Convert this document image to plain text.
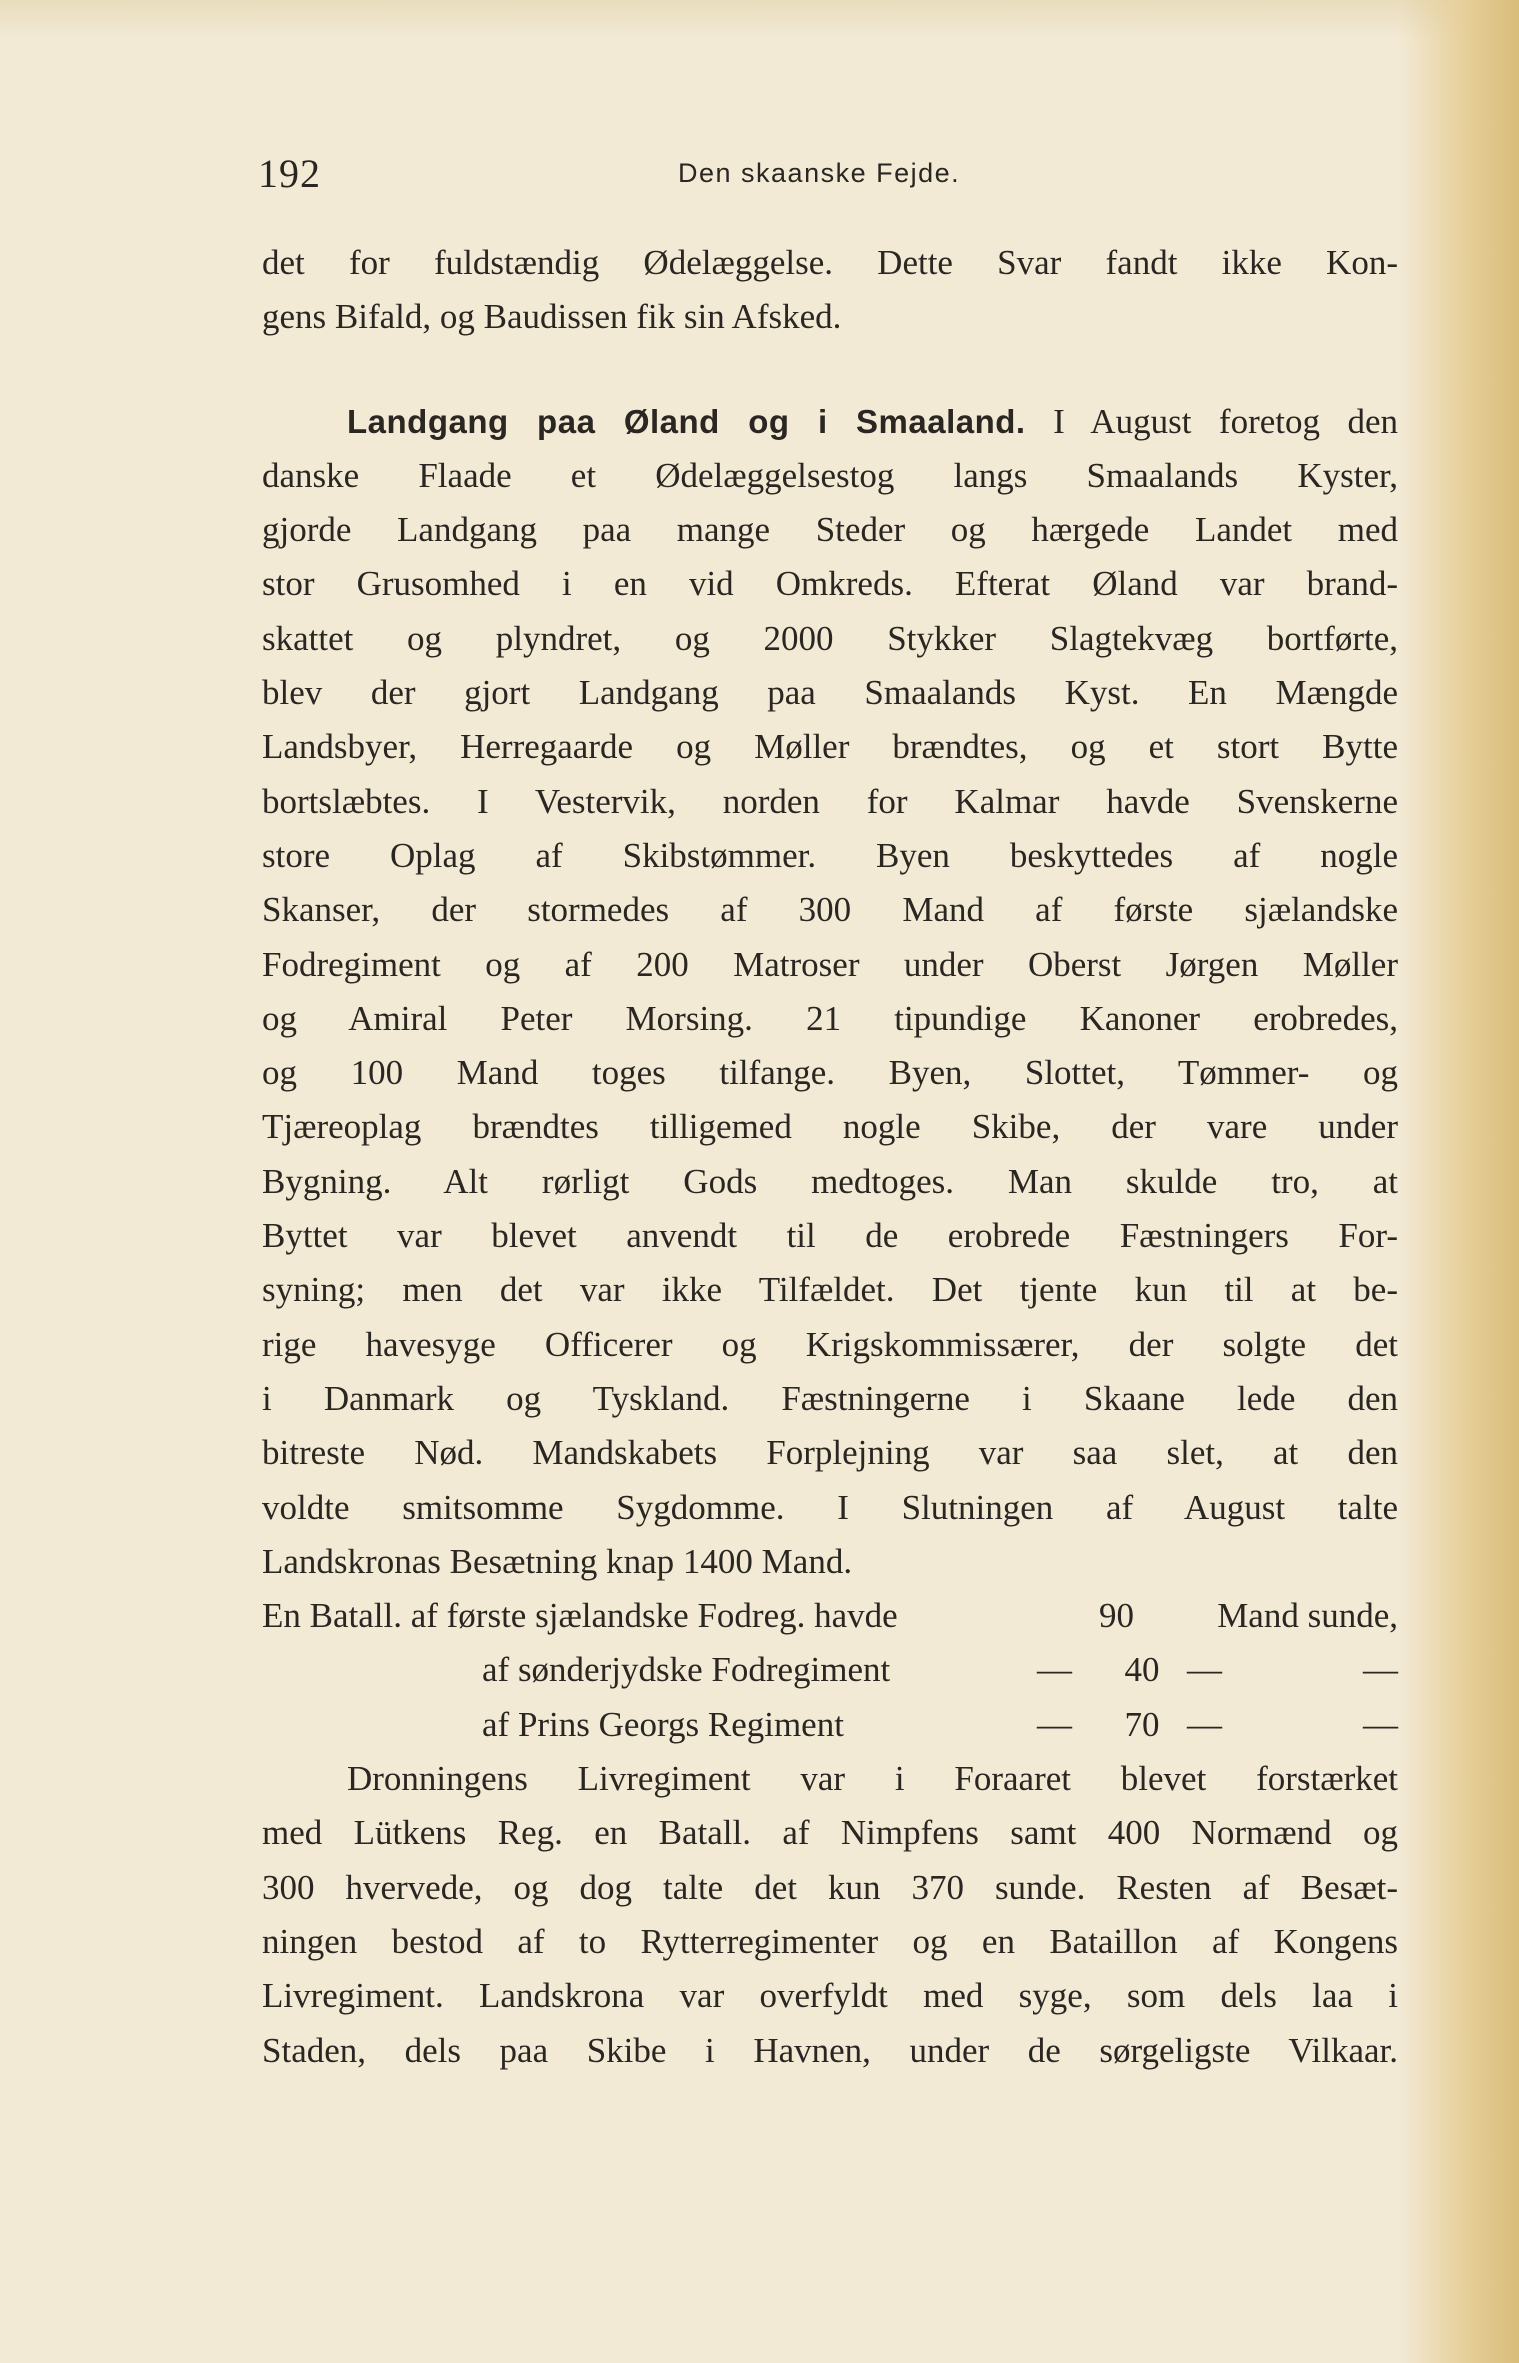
192	Den skaanske Fejde.
det for fuldstændig Ødelæggelse. Dette Svar fandt ikke Kon-
gens Bifald, og Baudissen fik sin Afsked.
Landgang paa Øland og i Smaaland. I August foretog den
danske Flaade et Ødelæggelsestog langs Smaalands Kyster,
gjorde Landgang paa mange Steder og hærgede Landet med
stor Grusomhed i en vid Omkreds. Efterat Øland var brand-
skattet og plyndret, og 2000 Stykker Slagtekvæg bortførte,
blev der gjort Landgang paa Smaalands Kyst. En Mængde
Landsbyer, Herregaarde og Møller brændtes, og et stort Bytte
bortslæbtes. I Vestervik, norden for Kalmar havde Svenskerne
store Oplag af Skibstømmer. Byen beskyttedes af nogle
Skanser, der stormedes af 300 Mand af første sjælandske
Fodregiment og af 200 Matroser under Oberst Jørgen Møller
og Amiral Peter Morsing. 21 tipundige Kanoner erobredes,
og 100 Mand toges tilfange. Byen, Slottet, Tømmer- og
Tjæreoplag brændtes tilligemed nogle Skibe, der vare under
Bygning. Alt rørligt Gods medtoges. Man skulde tro, at
Byttet var blevet anvendt til de erobrede Fæstningers For-
syning; men det var ikke Tilfældet. Det tjente kun til at be-
rige havesyge Officerer og Krigskommissærer, der solgte det
i Danmark og Tyskland. Fæstningerne i Skaane lede den
bitreste Nød. Mandskabets Forplejning var saa slet, at den
voldte smitsomme Sygdomme. I Slutningen af August talte
Landskronas Besætning knap 1400 Mand.
En Batall. af første sjælandske Fodreg. havde	90	Mand sunde,
af sønderjydske Fodregiment	—	40 —	—
af Prins Georgs Regiment	—	70 —	—
Dronningens Livregiment var i Foraaret blevet forstærket
med Lütkens Reg. en Batall. af Nimpfens samt 400 Normænd og
300 hvervede, og dog talte det kun 370 sunde. Resten af Besæt-
ningen bestod af to Rytterregimenter og en Bataillon af Kongens
Livregiment. Landskrona var overfyldt med syge, som dels laa i
Staden, dels paa Skibe i Havnen, under de sørgeligste Vilkaar.
